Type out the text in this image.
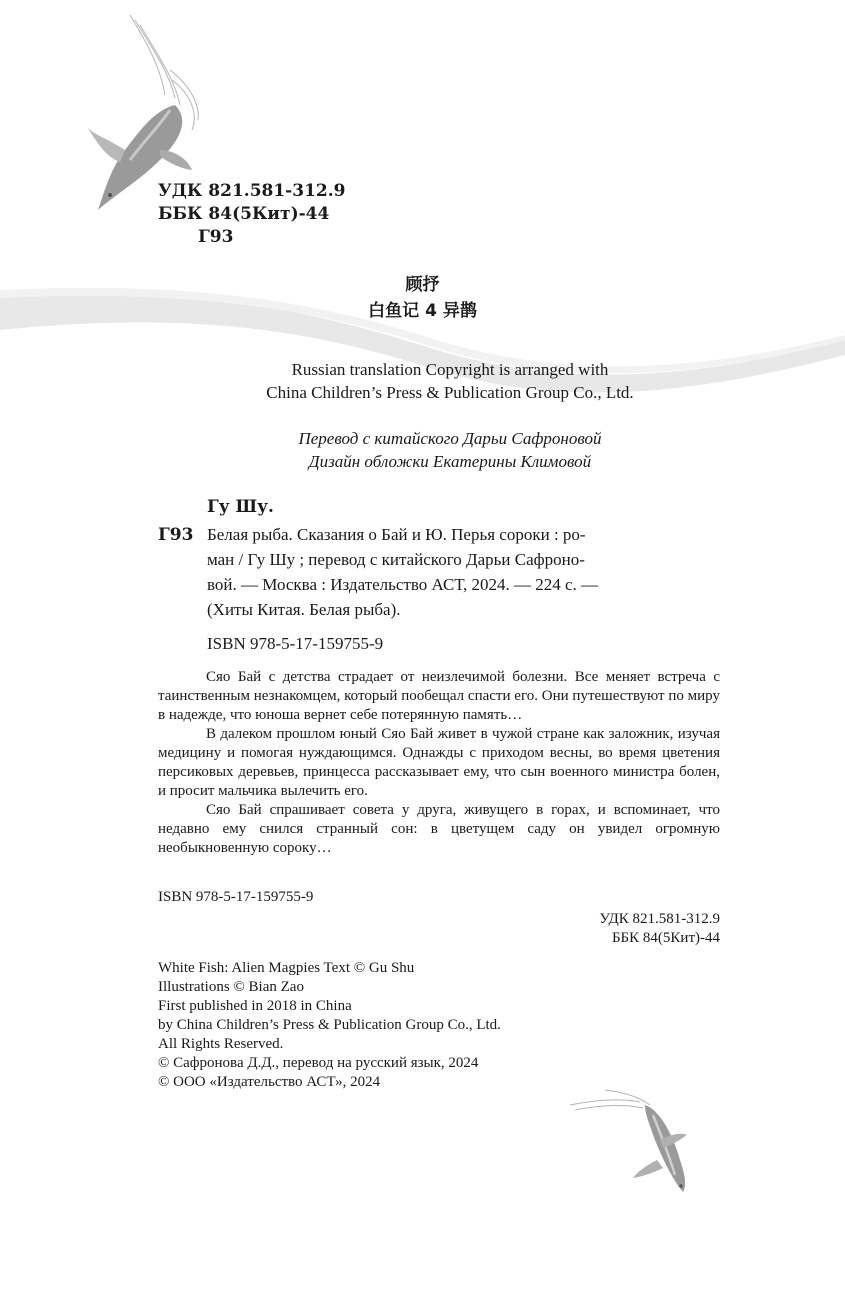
УДК 821.581-312.9
ББК 84(5Кит)-44
Г93
顾抒
白鱼记 4 异鹊
Russian translation Copyright is arranged with
China Children’s Press & Publication Group Co., Ltd.
Перевод с китайского Дарьи Сафроновой
Дизайн обложки Екатерины Климовой
Гу Шу.
Г93 Белая рыба. Сказания о Бай и Ю. Перья сороки : ро-
ман / Гу Шу ; перевод с китайского Дарьи Сафроно-
вой. — Москва : Издательство АСТ, 2024. — 224 с. —
(Хиты Китая. Белая рыба).
ISBN 978-5-17-159755-9

Сяо Бай с детства страдает от неизлечимой болезни. Все меняет встреча с таинственным незнакомцем, который пообещал спасти его. Они путешествуют по миру в надежде, что юноша вернет себе потерянную память…

В далеком прошлом юный Сяо Бай живет в чужой стране как заложник, изучая медицину и помогая нуждающимся. Однажды с приходом весны, во время цветения персиковых деревьев, принцесса рассказывает ему, что сын военного министра болен, и просит мальчика вылечить его.

Сяо Бай спрашивает совета у друга, живущего в горах, и вспоминает, что недавно ему снился странный сон: в цветущем саду он увидел огромную необыкновенную сороку…

ISBN 978-5-17-159755-9
УДК 821.581-312.9
ББК 84(5Кит)-44
White Fish: Alien Magpies Text © Gu Shu
Illustrations © Bian Zao
First published in 2018 in China
by China Children’s Press & Publication Group Co., Ltd.
All Rights Reserved.
© Сафронова Д.Д., перевод на русский язык, 2024
© ООО «Издательство АСТ», 2024
